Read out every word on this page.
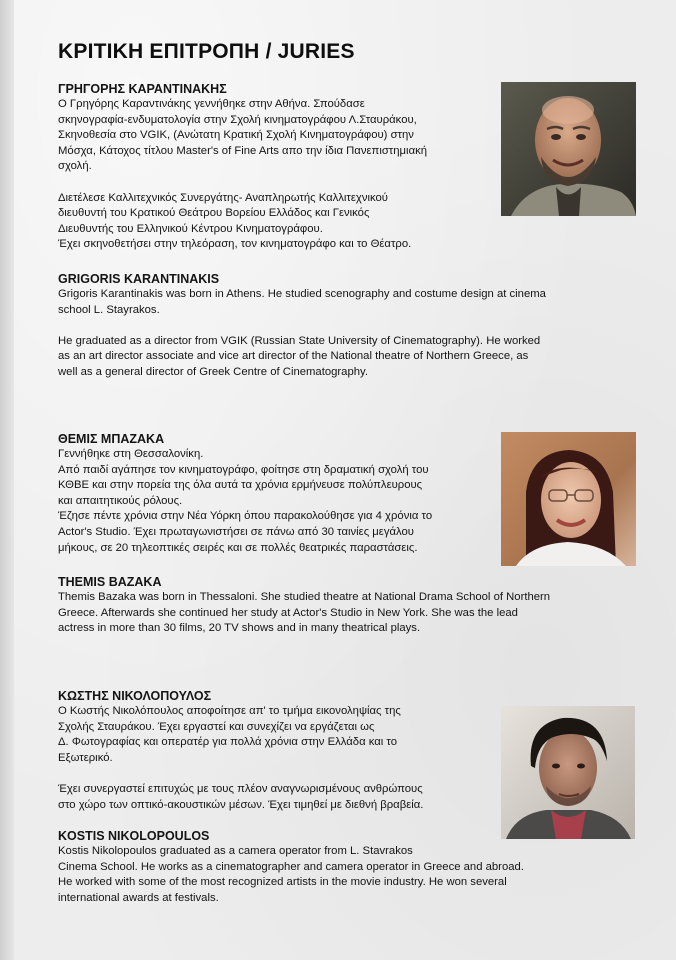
ΚΡΙΤΙΚΗ ΕΠΙΤΡΟΠΗ / JURIES

ΓΡΗΓΟΡΗΣ ΚΑΡΑΝΤΙΝΑΚΗΣ

Ο Γρηγόρης Καραντινάκης γεννήθηκε στην Αθήνα. Σπούδασε

σκηνογραφία-ενδυματολογία στην Σχολή κινηματογράφου Λ.Σταυράκου,

Σκηνοθεσία στο VGIK, (Ανώτατη Κρατική Σχολή Κινηματογράφου) στην

Μόσχα, Κάτοχος τίτλου Master's of Fine Arts απο την ίδια Πανεπιστημιακή

σχολή.

Διετέλεσε Καλλιτεχνικός Συνεργάτης- Αναπληρωτής Καλλιτεχνικού

διευθυντή του Κρατικού Θεάτρου Βορείου Ελλάδος και Γενικός

Διευθυντής του Ελληνικού Κέντρου Κινηματογράφου.

Έχει σκηνοθετήσει στην τηλεόραση, τον κινηματογράφο και το Θέατρο.

GRIGORIS KARANTINAKIS

Grigoris Karantinakis was born in Athens. He studied scenography and costume design at cinema

school L. Stayrakos.

He graduated as a director from VGIK (Russian State University of Cinematography). He worked

as an art director associate and vice art director of the National theatre of Northern Greece, as

well as a general director of Greek Centre of Cinematography.

ΘΕΜΙΣ ΜΠΑΖΑΚΑ

Γεννήθηκε στη Θεσσαλονίκη.

Από παιδί αγάπησε τον κινηματογράφο, φοίτησε στη δραματική σχολή του

ΚΘΒΕ και στην πορεία της όλα αυτά τα χρόνια ερμήνευσε πολύπλευρους

και απαιτητικούς ρόλους.

Έζησε πέντε χρόνια στην Νέα Υόρκη όπου παρακολούθησε για 4 χρόνια το

Actor's Studio. Έχει πρωταγωνιστήσει σε πάνω από 30 ταινίες μεγάλου

μήκους, σε 20 τηλεοπτικές σειρές και σε πολλές θεατρικές παραστάσεις.

THEMIS BAZAKA

Themis Bazaka was born in Thessaloni. She studied theatre at National Drama School of Northern

Greece. Afterwards she continued her study at Actor's Studio in New York. She was the lead

actress in more than 30 films, 20 TV shows and in many theatrical plays.

ΚΩΣΤΗΣ ΝΙΚΟΛΟΠΟΥΛΟΣ

Ο Κωστής Νικολόπουλος αποφοίτησε απ' το τμήμα εικονοληψίας της

Σχολής Σταυράκου. Έχει εργαστεί και συνεχίζει να εργάζεται ως

Δ. Φωτογραφίας και οπερατέρ για πολλά χρόνια στην Ελλάδα και το

Εξωτερικό.

Έχει συνεργαστεί επιτυχώς με τους πλέον αναγνωρισμένους ανθρώπους

στο χώρο των οπτικό-ακουστικών μέσων. Έχει τιμηθεί με διεθνή βραβεία.

KOSTIS NIKOLOPOULOS

Kostis Nikolopoulos graduated as a camera operator from L. Stavrakos

Cinema School. He works as a cinematographer and camera operator in Greece and abroad.

He worked with some of the most recognized artists in the movie industry. He won several

international awards at festivals.
